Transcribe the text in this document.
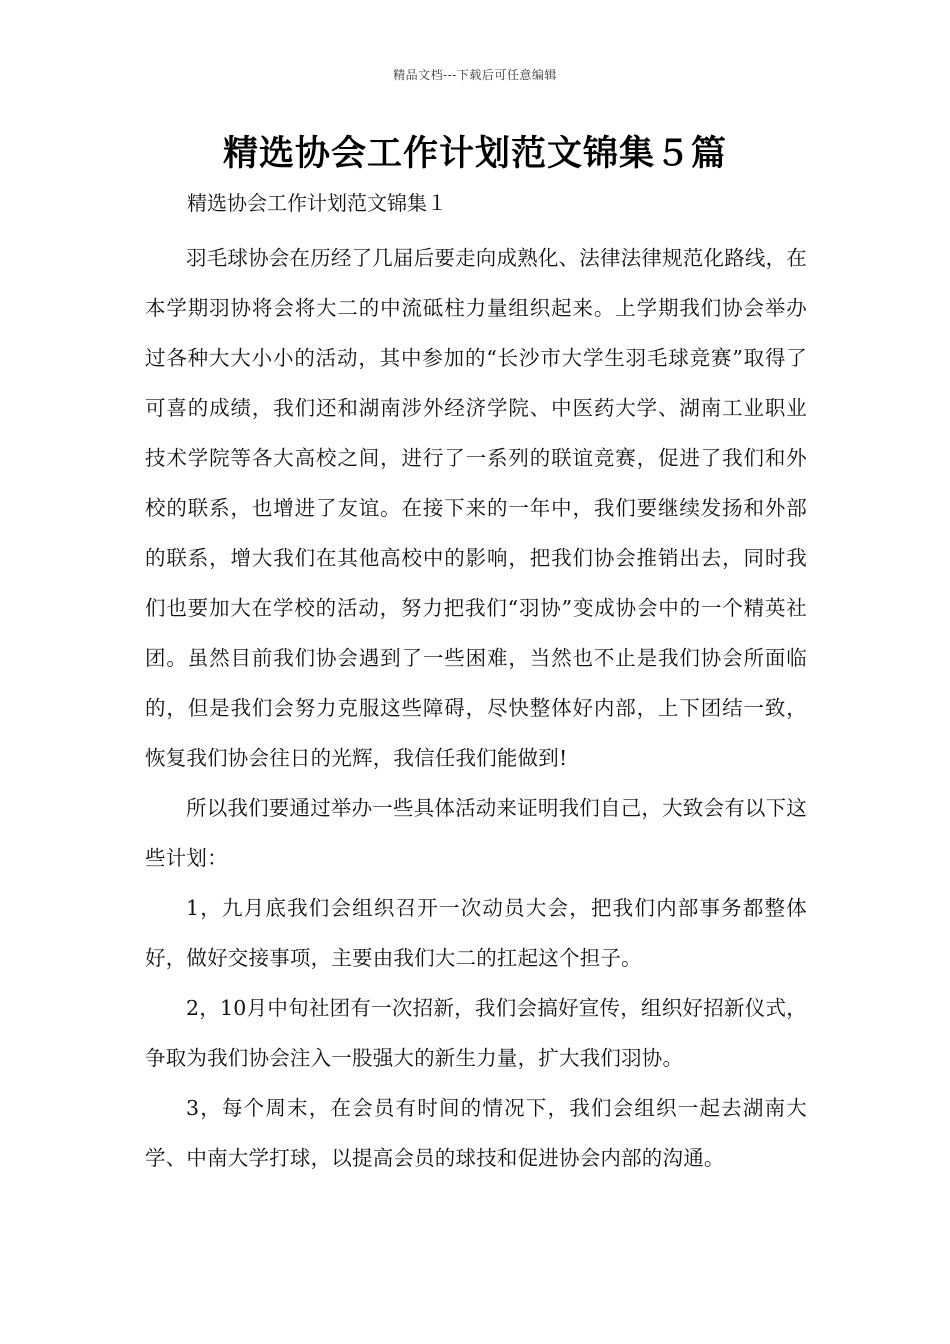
精品文档---下载后可任意编辑
精选协会工作计划范文锦集５篇
精选协会工作计划范文锦集１

羽毛球协会在历经了几届后要走向成熟化、法律法律规范化路线，在本学期羽协将会将大二的中流砥柱力量组织起来。上学期我们协会举办过各种大大小小的活动，其中参加的“长沙市大学生羽毛球竞赛”取得了可喜的成绩，我们还和湖南涉外经济学院、中医药大学、湖南工业职业技术学院等各大高校之间，进行了一系列的联谊竞赛，促进了我们和外校的联系，也增进了友谊。在接下来的一年中，我们要继续发扬和外部的联系，增大我们在其他高校中的影响，把我们协会推销出去，同时我们也要加大在学校的活动，努力把我们“羽协”变成协会中的一个精英社团。虽然目前我们协会遇到了一些困难，当然也不止是我们协会所面临的，但是我们会努力克服这些障碍，尽快整体好内部，上下团结一致，恢复我们协会往日的光辉，我信任我们能做到!

所以我们要通过举办一些具体活动来证明我们自己，大致会有以下这些计划：

1，九月底我们会组织召开一次动员大会，把我们内部事务都整体好，做好交接事项，主要由我们大二的扛起这个担子。

2，10月中旬社团有一次招新，我们会搞好宣传，组织好招新仪式，争取为我们协会注入一股强大的新生力量，扩大我们羽协。

3，每个周末，在会员有时间的情况下，我们会组织一起去湖南大学、中南大学打球，以提高会员的球技和促进协会内部的沟通。
